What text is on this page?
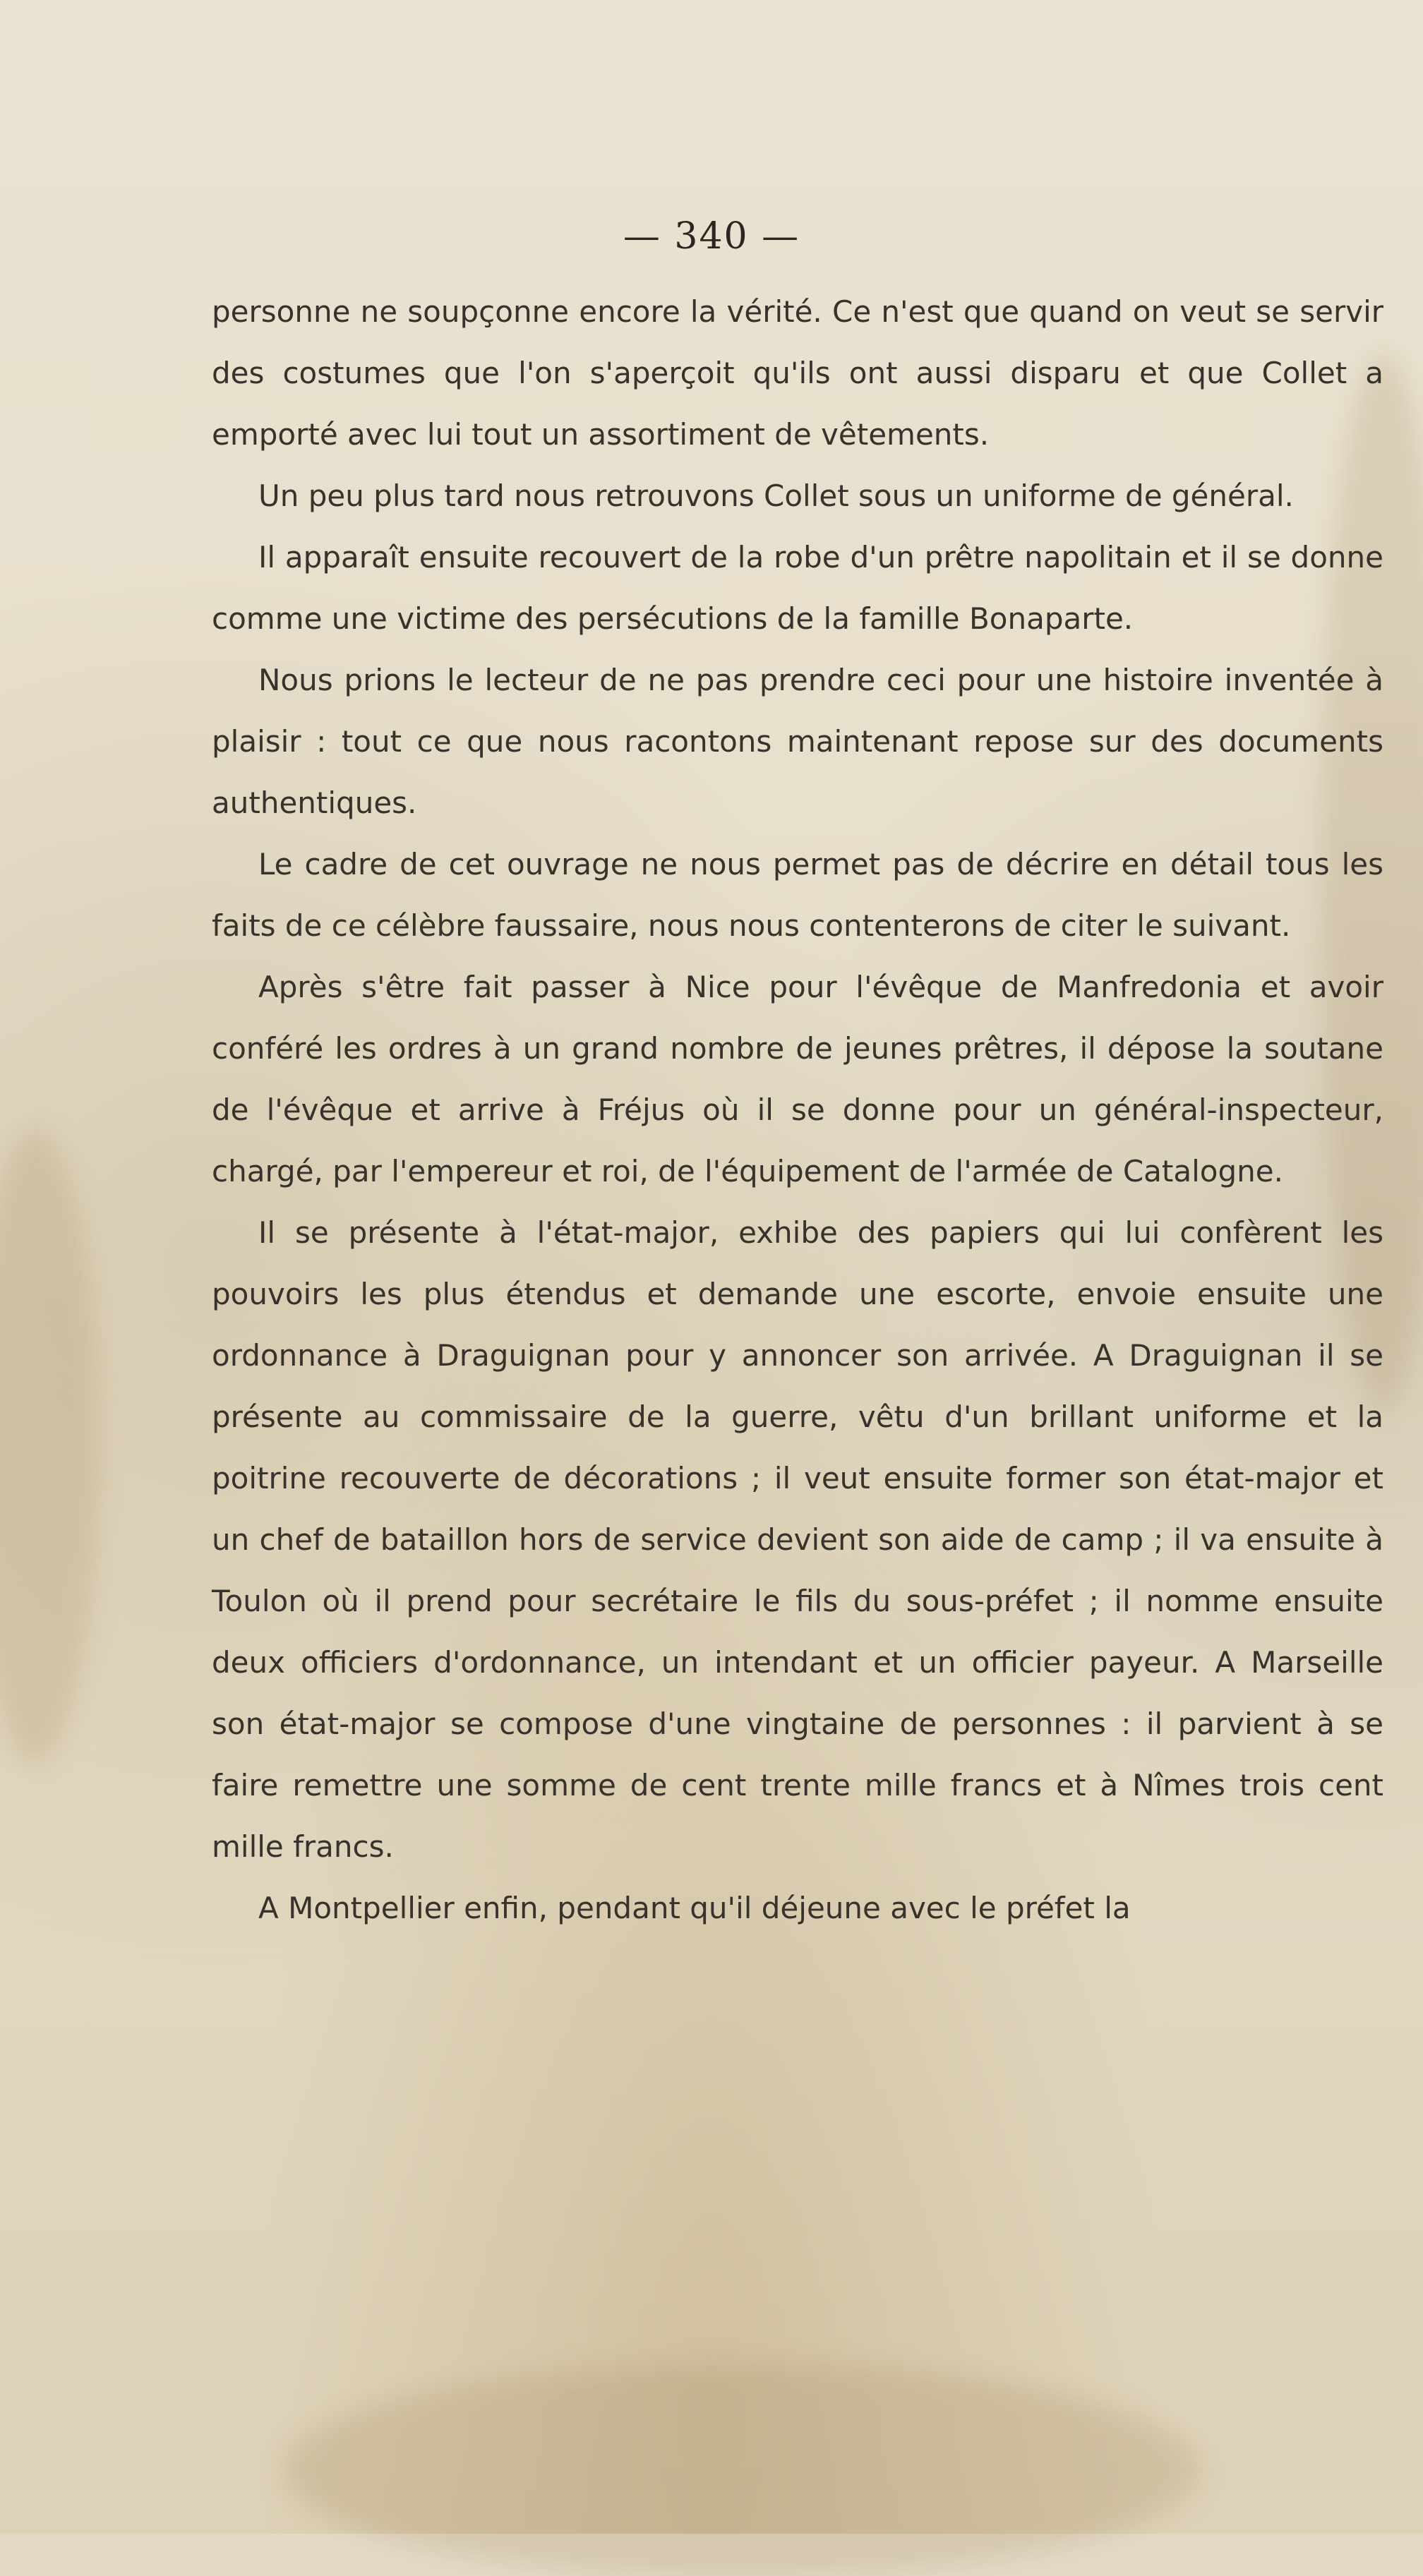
— 340 —

personne ne soupçonne encore la vérité. Ce n'est que quand on veut se servir des costumes que l'on s'aperçoit qu'ils ont aussi disparu et que Collet a emporté avec lui tout un assortiment de vêtements.

Un peu plus tard nous retrouvons Collet sous un uniforme de général.

Il apparaît ensuite recouvert de la robe d'un prêtre napolitain et il se donne comme une victime des persécutions de la famille Bonaparte.

Nous prions le lecteur de ne pas prendre ceci pour une histoire inventée à plaisir : tout ce que nous racontons maintenant repose sur des documents authentiques.

Le cadre de cet ouvrage ne nous permet pas de décrire en détail tous les faits de ce célèbre faussaire, nous nous contenterons de citer le suivant.

Après s'être fait passer à Nice pour l'évêque de Manfredonia et avoir conféré les ordres à un grand nombre de jeunes prêtres, il dépose la soutane de l'évêque et arrive à Fréjus où il se donne pour un général-inspecteur, chargé, par l'empereur et roi, de l'équipement de l'armée de Catalogne.

Il se présente à l'état-major, exhibe des papiers qui lui confèrent les pouvoirs les plus étendus et demande une escorte, envoie ensuite une ordonnance à Draguignan pour y annoncer son arrivée. A Draguignan il se présente au commissaire de la guerre, vêtu d'un brillant uniforme et la poitrine recouverte de décorations ; il veut ensuite former son état-major et un chef de bataillon hors de service devient son aide de camp ; il va ensuite à Toulon où il prend pour secrétaire le fils du sous-préfet ; il nomme ensuite deux officiers d'ordonnance, un intendant et un officier payeur. A Marseille son état-major se compose d'une vingtaine de personnes : il parvient à se faire remettre une somme de cent trente mille francs et à Nîmes trois cent mille francs.

A Montpellier enfin, pendant qu'il déjeune avec le préfet la
